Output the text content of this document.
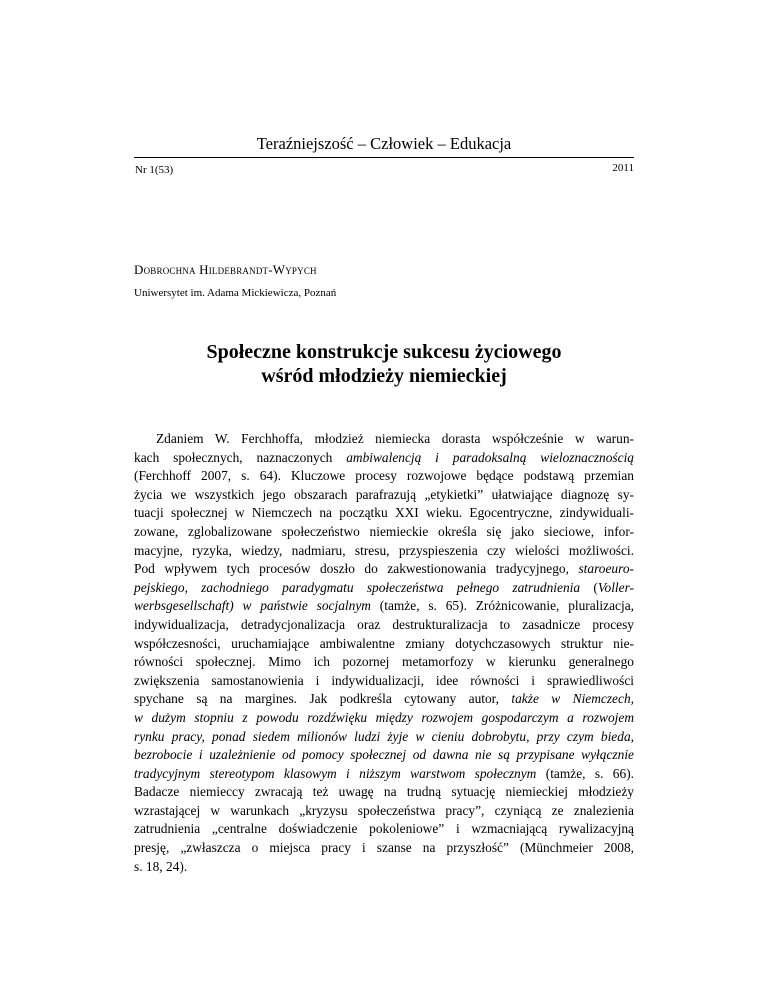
Teraźniejszość – Człowiek – Edukacja
Nr 1(53)	2011
Dobrochna Hildebrandt-Wypych
Uniwersytet im. Adama Mickiewicza, Poznań
Społeczne konstrukcje sukcesu życiowego
wśród młodzieży niemieckiej
Zdaniem W. Ferchhoffa, młodzież niemiecka dorasta współcześnie w warun-
kach społecznych, naznaczonych ambiwalencją i paradoksalną wieloznacznością
(Ferchhoff 2007, s. 64). Kluczowe procesy rozwojowe będące podstawą przemian
życia we wszystkich jego obszarach parafrazują „etykietki” ułatwiające diagnozę sy-
tuacji społecznej w Niemczech na początku XXI wieku. Egocentryczne, zindywiduali-
zowane, zglobalizowane społeczeństwo niemieckie określa się jako sieciowe, infor-
macyjne, ryzyka, wiedzy, nadmiaru, stresu, przyspieszenia czy wielości możliwości.
Pod wpływem tych procesów doszło do zakwestionowania tradycyjnego, staroeuro-
pejskiego, zachodniego paradygmatu społeczeństwa pełnego zatrudnienia (Voller-
werbsgesellschaft) w państwie socjalnym (tamże, s. 65). Zróżnicowanie, pluralizacja,
indywidualizacja, detradycjonalizacja oraz destrukturalizacja to zasadnicze procesy
współczesności, uruchamiające ambiwalentne zmiany dotychczasowych struktur nie-
równości społecznej. Mimo ich pozornej metamorfozy w kierunku generalnego
zwiększenia samostanowienia i indywidualizacji, idee równości i sprawiedliwości
spychane są na margines. Jak podkreśla cytowany autor, także w Niemczech,
w dużym stopniu z powodu rozdźwięku między rozwojem gospodarczym a rozwojem
rynku pracy, ponad siedem milionów ludzi żyje w cieniu dobrobytu, przy czym bieda,
bezrobocie i uzależnienie od pomocy społecznej od dawna nie są przypisane wyłącznie
tradycyjnym stereotypom klasowym i niższym warstwom społecznym (tamże, s. 66).
Badacze niemieccy zwracają też uwagę na trudną sytuację niemieckiej młodzieży
wzrastającej w warunkach „kryzysu społeczeństwa pracy”, czyniącą ze znalezienia
zatrudnienia „centralne doświadczenie pokoleniowe” i wzmacniającą rywalizacyjną
presję, „zwłaszcza o miejsca pracy i szanse na przyszłość” (Münchmeier 2008,
s. 18, 24).
